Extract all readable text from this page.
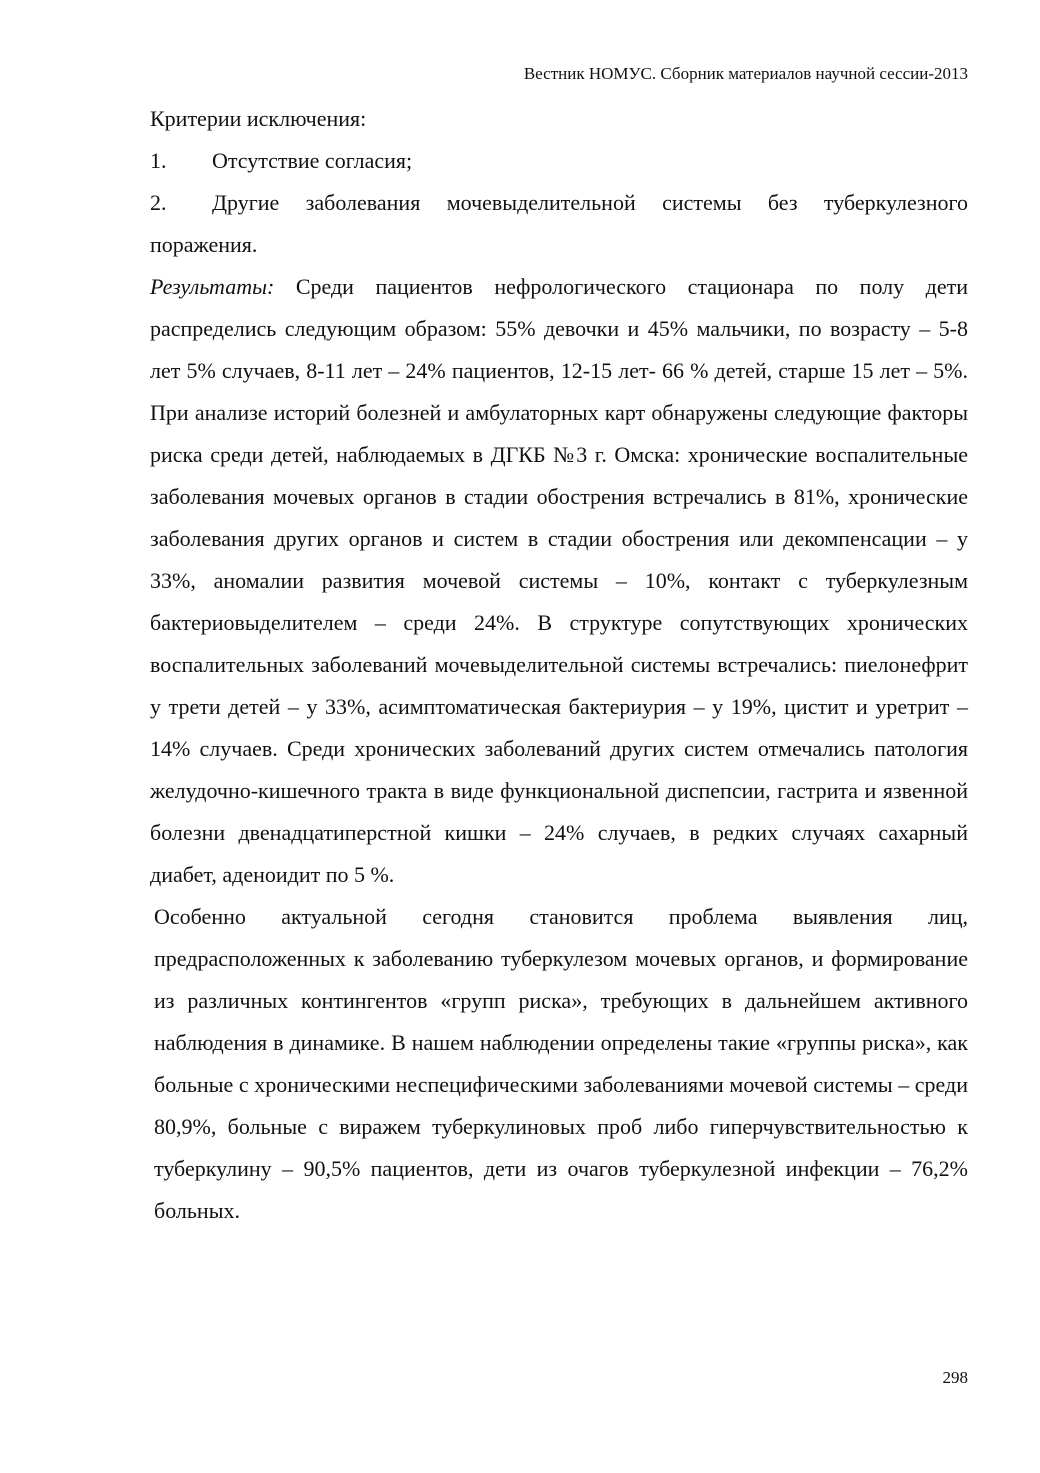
Вестник НОМУС. Сборник материалов научной сессии-2013

Критерии исключения:

1.	Отсутствие согласия;

2. Другие заболевания мочевыделительной системы без туберкулезного поражения.

Результаты: Среди пациентов нефрологического стационара по полу дети распределись следующим образом: 55% девочки и 45% мальчики, по возрасту – 5-8 лет 5% случаев, 8-11 лет – 24% пациентов, 12-15 лет- 66 % детей, старше 15 лет – 5%. При анализе историй болезней и амбулаторных карт обнаружены следующие факторы риска среди детей, наблюдаемых в ДГКБ №3 г. Омска: хронические воспалительные заболевания мочевых органов в стадии обострения встречались в 81%, хронические заболевания других органов и систем в стадии обострения или декомпенсации – у 33%, аномалии развития мочевой системы – 10%, контакт с туберкулезным бактериовыделителем – среди 24%. В структуре сопутствующих хронических воспалительных заболеваний мочевыделительной системы встречались: пиелонефрит у трети детей – у 33%, асимптоматическая бактериурия – у 19%, цистит и уретрит – 14% случаев. Среди хронических заболеваний других систем отмечались патология желудочно-кишечного тракта в виде функциональной диспепсии, гастрита и язвенной болезни двенадцатиперстной кишки – 24% случаев, в редких случаях сахарный диабет, аденоидит по 5 %.

Особенно актуальной сегодня становится проблема выявления лиц, предрасположенных к заболеванию туберкулезом мочевых органов, и формирование из различных контингентов «групп риска», требующих в дальнейшем активного наблюдения в динамике. В нашем наблюдении определены такие «группы риска», как больные с хроническими неспецифическими заболеваниями мочевой системы – среди 80,9%, больные с виражем туберкулиновых проб либо гиперчувствительностью к туберкулину – 90,5% пациентов, дети из очагов туберкулезной инфекции – 76,2% больных.

298
